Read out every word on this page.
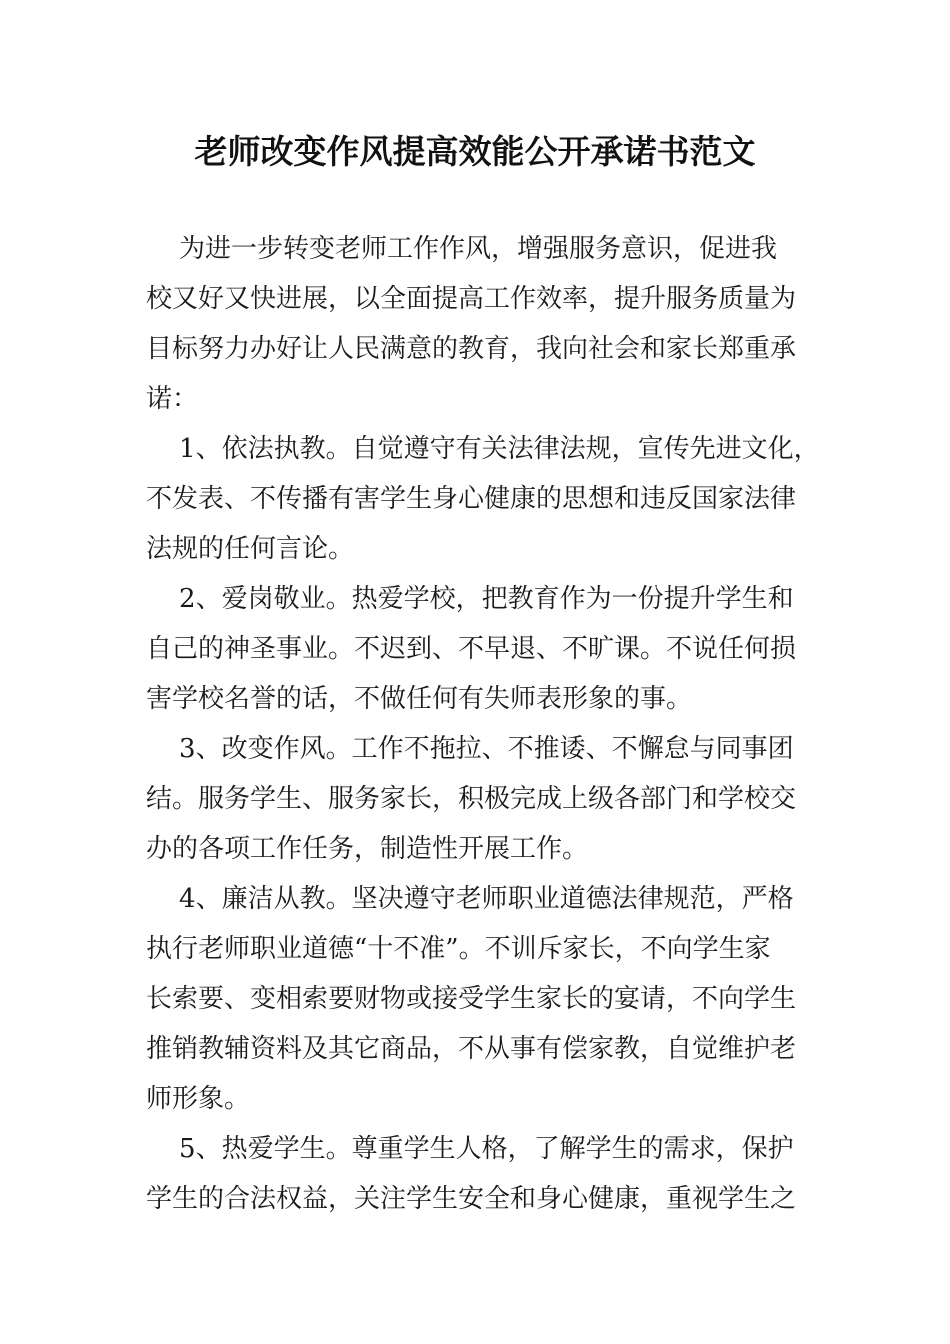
老师改变作风提高效能公开承诺书范文
为进一步转变老师工作作风，增强服务意识，促进我
校又好又快进展，以全面提高工作效率，提升服务质量为
目标努力办好让人民满意的教育，我向社会和家长郑重承
诺：
1、依法执教。自觉遵守有关法律法规，宣传先进文化，
不发表、不传播有害学生身心健康的思想和违反国家法律
法规的任何言论。
2、爱岗敬业。热爱学校，把教育作为一份提升学生和
自己的神圣事业。不迟到、不早退、不旷课。不说任何损
害学校名誉的话，不做任何有失师表形象的事。
3、改变作风。工作不拖拉、不推诿、不懈怠与同事团
结。服务学生、服务家长，积极完成上级各部门和学校交
办的各项工作任务，制造性开展工作。
4、廉洁从教。坚决遵守老师职业道德法律规范，严格
执行老师职业道德“十不准”。不训斥家长，不向学生家
长索要、变相索要财物或接受学生家长的宴请，不向学生
推销教辅资料及其它商品，不从事有偿家教，自觉维护老
师形象。
5、热爱学生。尊重学生人格，了解学生的需求，保护
学生的合法权益，关注学生安全和身心健康，重视学生之
